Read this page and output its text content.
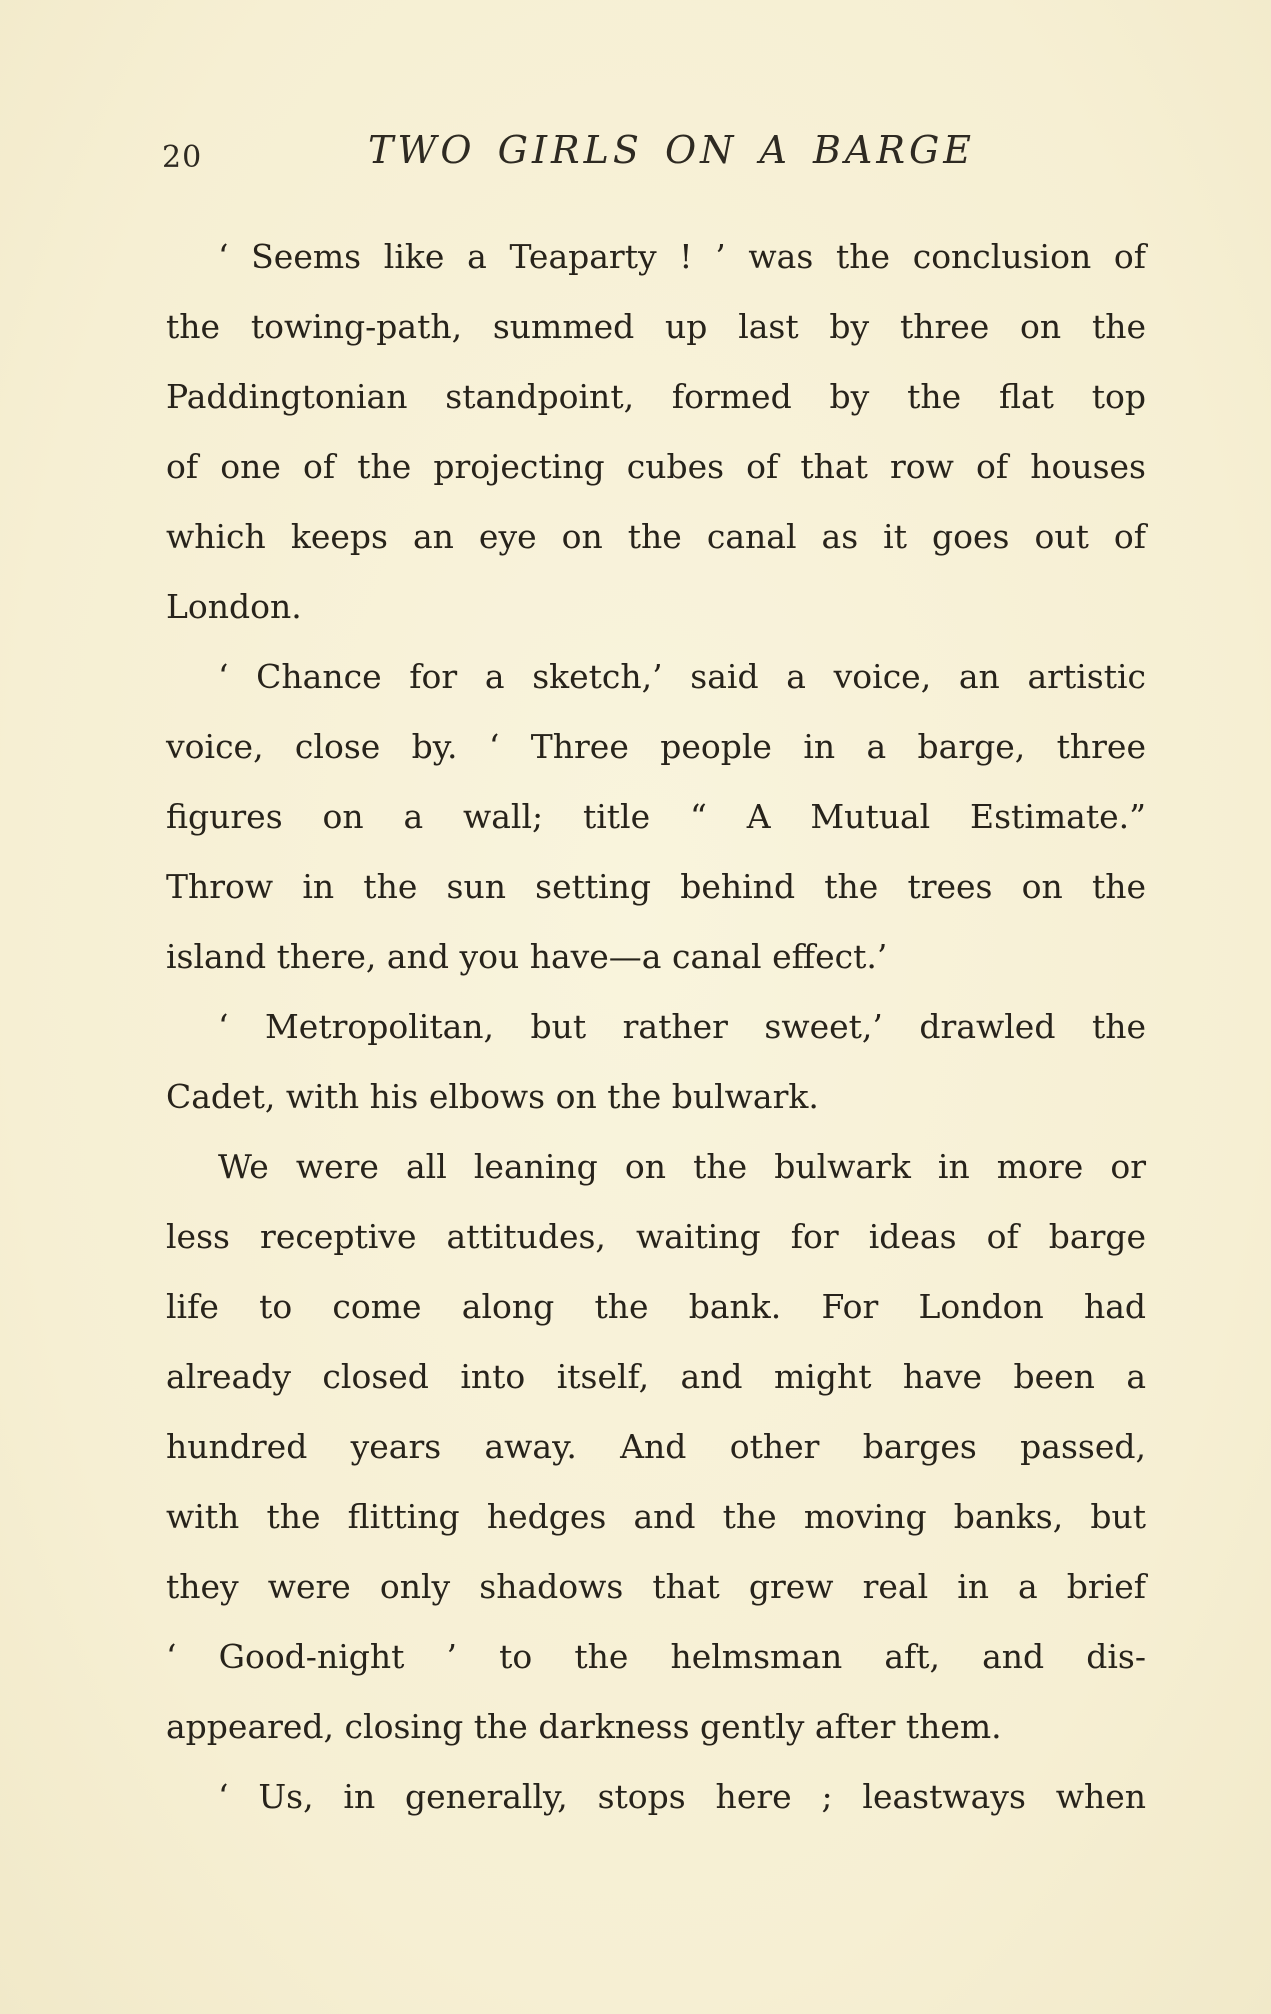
20	TWO GIRLS ON A BARGE
‘ Seems like a Teaparty ! ’ was the conclusion of
the towing-path, summed up last by three on the
Paddingtonian standpoint, formed by the flat top
of one of the projecting cubes of that row of houses
which keeps an eye on the canal as it goes out of
London.
‘ Chance for a sketch,’ said a voice, an artistic
voice, close by. ‘ Three people in a barge, three
figures on a wall; title “ A Mutual Estimate.”
Throw in the sun setting behind the trees on the
island there, and you have—a canal effect.’
‘ Metropolitan, but rather sweet,’ drawled the
Cadet, with his elbows on the bulwark.
We were all leaning on the bulwark in more or
less receptive attitudes, waiting for ideas of barge
life to come along the bank. For London had
already closed into itself, and might have been a
hundred years away. And other barges passed,
with the flitting hedges and the moving banks, but
they were only shadows that grew real in a brief
‘ Good-night ’ to the helmsman aft, and dis-
appeared, closing the darkness gently after them.
‘ Us, in generally, stops here ; leastways when
